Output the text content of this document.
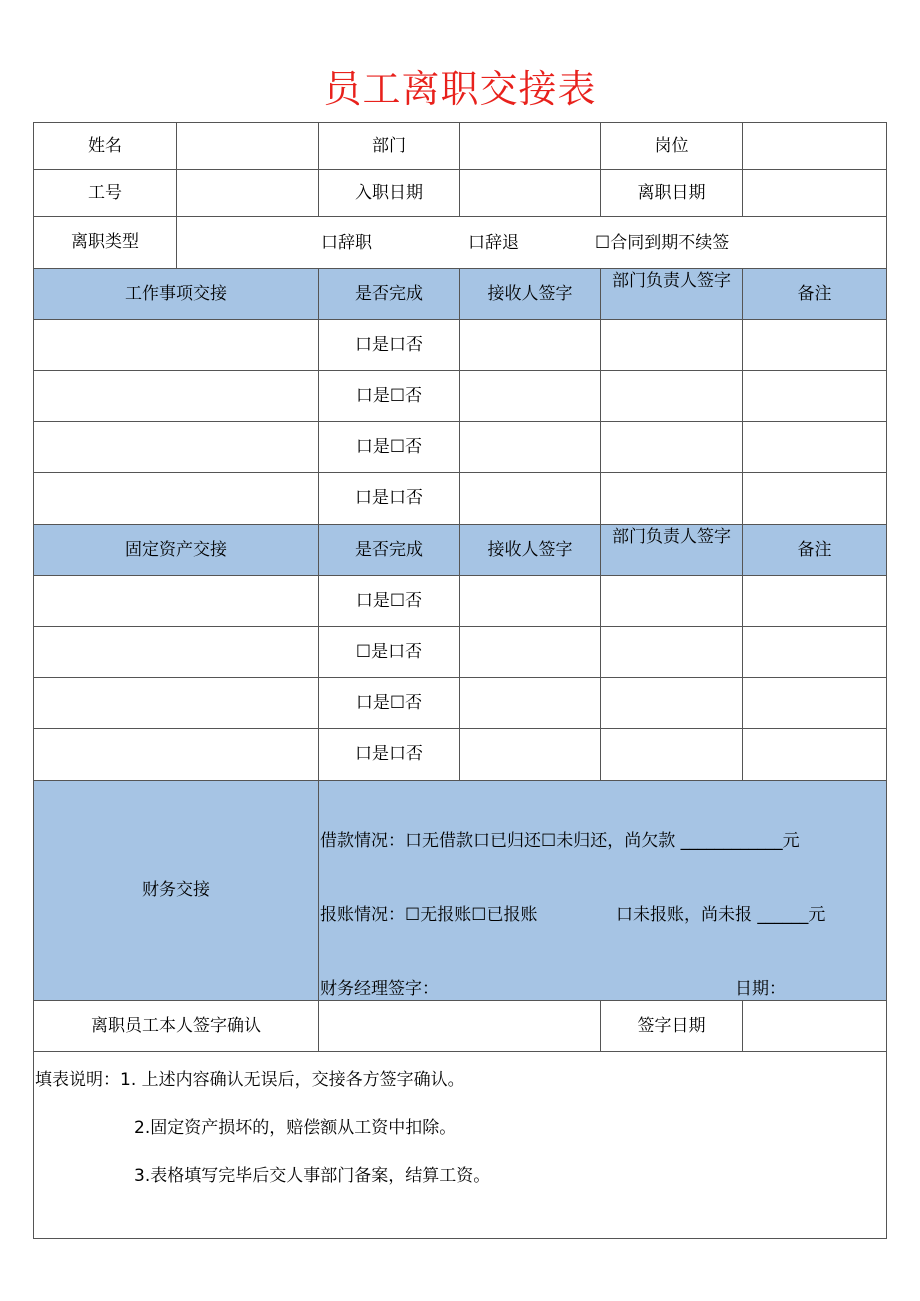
员工离职交接表
姓名		部门		岗位	
工号		入职日期		离职日期	
离职类型	口辞职 口辞退 ☐合同到期不续签				

工作事项交接		是否完成	接收人签字	部门负责人签字	备注
		口是口否			
		口是☐否			
		口是☐否			
		口是口否			
固定资产交接		是否完成	接收人签字	部门负责人签字	备注
		口是☐否			
		☐是口否			
		口是☐否			
		口是口否			
财务交接		借款情况：口无借款口已归还☐未归还，尚欠款 ____________元
报账情况：☐无报账☐已报账 口未报账，尚未报 ______元
财务经理签字： 日期：			

离职员工本人签字确认				签字日期	

填表说明：1. 上述内容确认无误后，交接各方签字确认。
2.固定资产损坏的，赔偿额从工资中扣除。
3.表格填写完毕后交人事部门备案，结算工资。					
